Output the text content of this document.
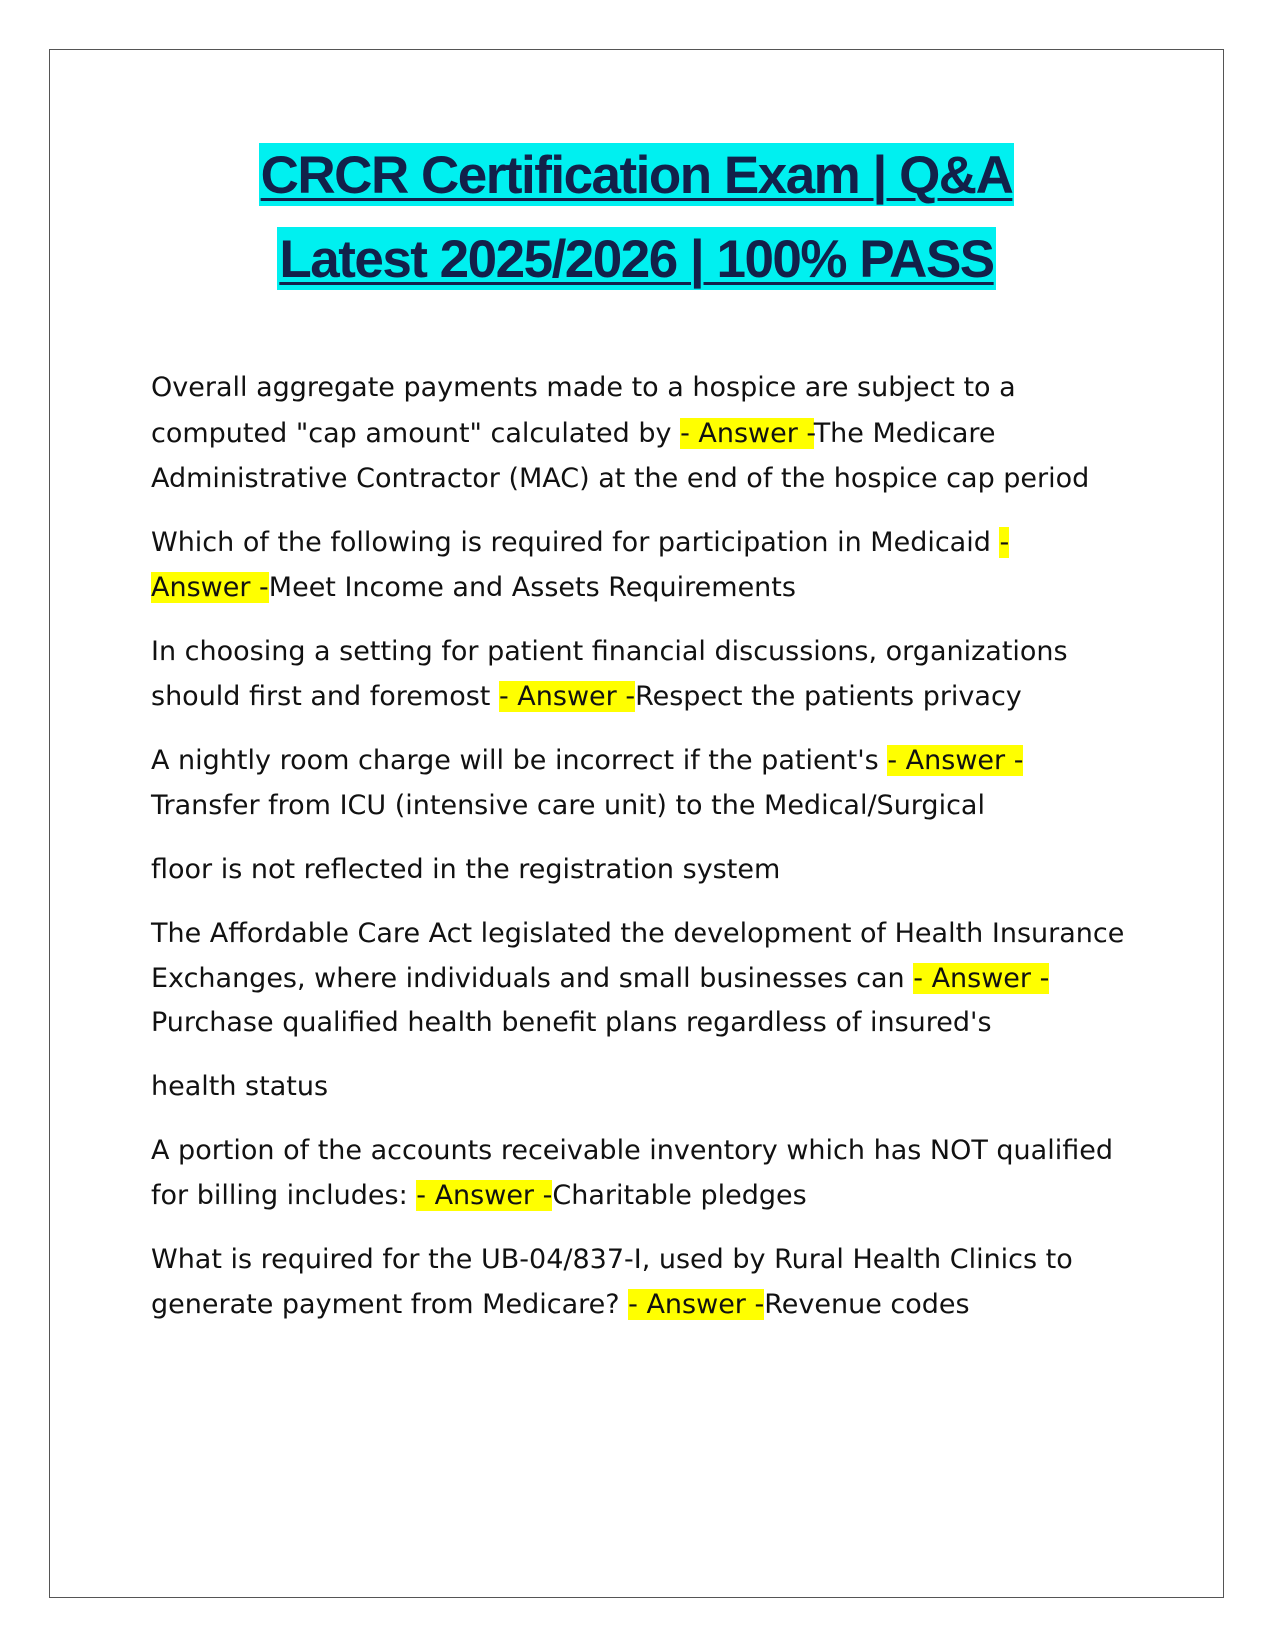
CRCR Certification Exam | Q&A
Latest 2025/2026 | 100% PASS

Overall aggregate payments made to a hospice are subject to a

computed "cap amount" calculated by - Answer -The Medicare

Administrative Contractor (MAC) at the end of the hospice cap period

Which of the following is required for participation in Medicaid -

Answer -Meet Income and Assets Requirements

In choosing a setting for patient financial discussions, organizations

should first and foremost - Answer -Respect the patients privacy

A nightly room charge will be incorrect if the patient's - Answer -

Transfer from ICU (intensive care unit) to the Medical/Surgical

floor is not reflected in the registration system

The Affordable Care Act legislated the development of Health Insurance

Exchanges, where individuals and small businesses can - Answer -

Purchase qualified health benefit plans regardless of insured's

health status

A portion of the accounts receivable inventory which has NOT qualified

for billing includes: - Answer -Charitable pledges

What is required for the UB-04/837-I, used by Rural Health Clinics to

generate payment from Medicare? - Answer -Revenue codes
